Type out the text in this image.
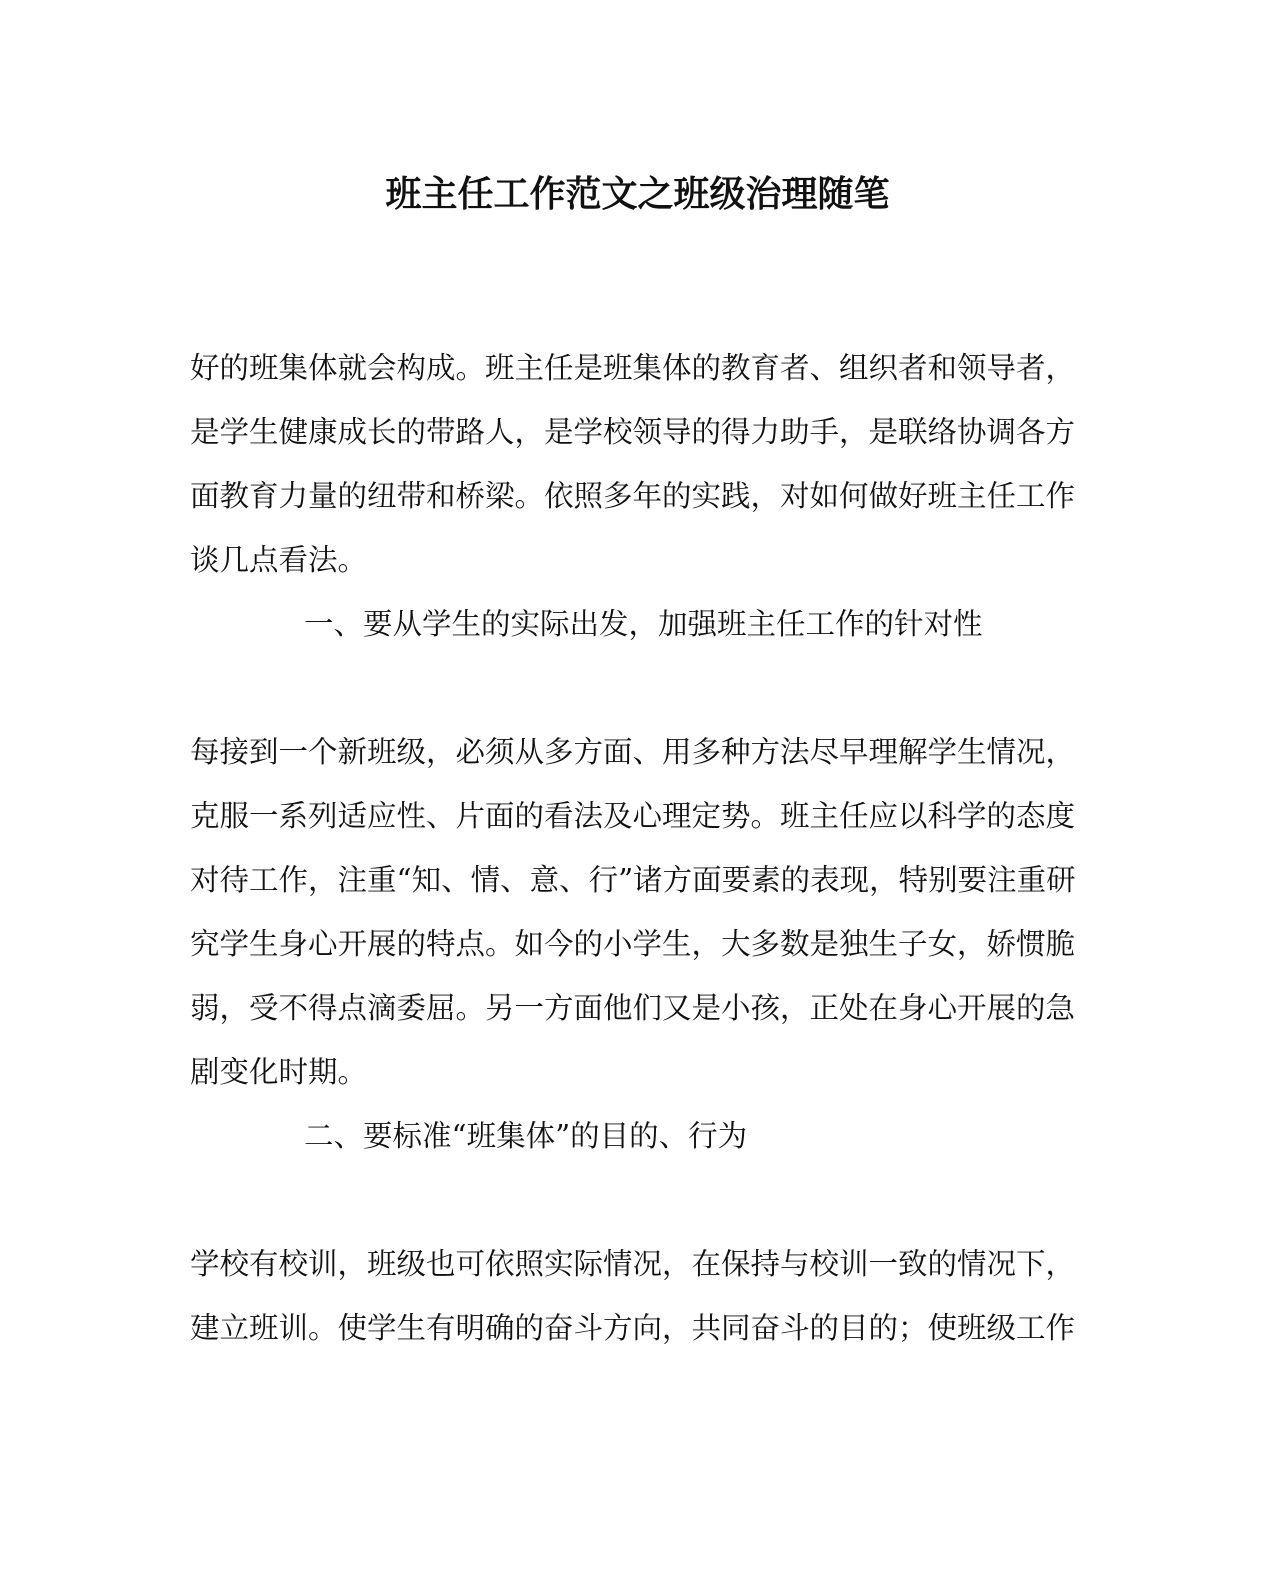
班主任工作范文之班级治理随笔

好的班集体就会构成。班主任是班集体的教育者、组织者和领导者，

是学生健康成长的带路人，是学校领导的得力助手，是联络协调各方

面教育力量的纽带和桥梁。依照多年的实践，对如何做好班主任工作

谈几点看法。

一、要从学生的实际出发，加强班主任工作的针对性

每接到一个新班级，必须从多方面、用多种方法尽早理解学生情况，

克服一系列适应性、片面的看法及心理定势。班主任应以科学的态度

对待工作，注重“知、情、意、行”诸方面要素的表现，特别要注重研

究学生身心开展的特点。如今的小学生，大多数是独生子女，娇惯脆

弱，受不得点滴委屈。另一方面他们又是小孩，正处在身心开展的急

剧变化时期。

二、要标准“班集体”的目的、行为

学校有校训，班级也可依照实际情况，在保持与校训一致的情况下，

建立班训。使学生有明确的奋斗方向，共同奋斗的目的；使班级工作
